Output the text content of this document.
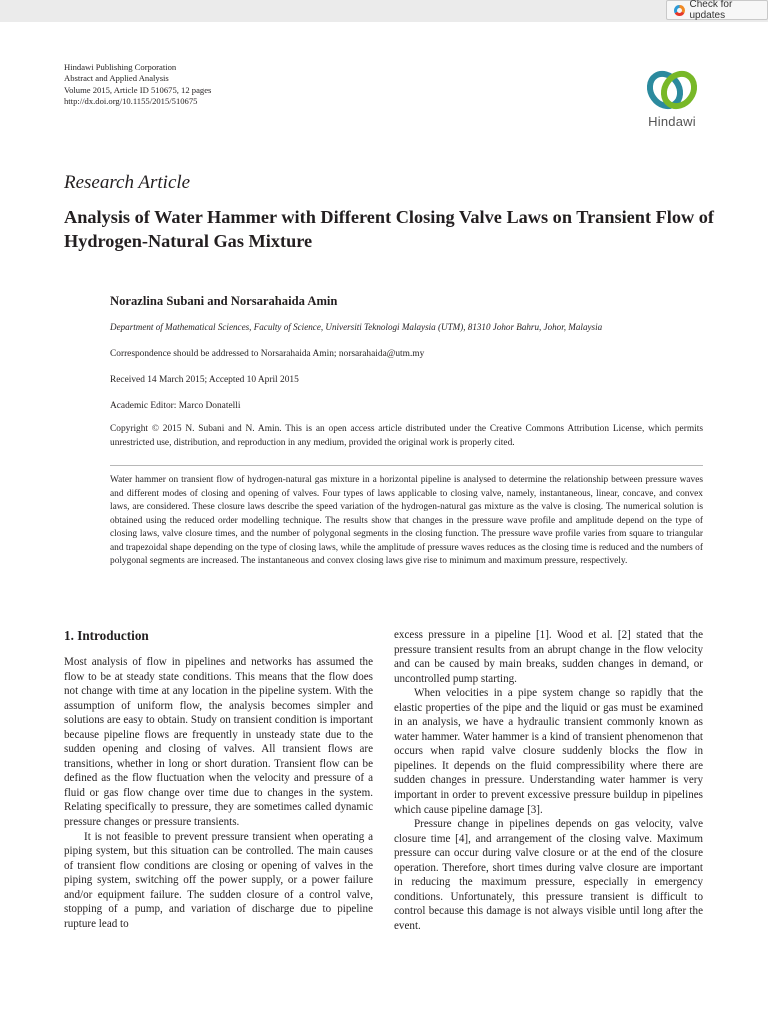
Check for updates
Hindawi Publishing Corporation
Abstract and Applied Analysis
Volume 2015, Article ID 510675, 12 pages
http://dx.doi.org/10.1155/2015/510675
Hindawi
Research Article
Analysis of Water Hammer with Different Closing Valve Laws on Transient Flow of Hydrogen-Natural Gas Mixture
Norazlina Subani and Norsarahaida Amin
Department of Mathematical Sciences, Faculty of Science, Universiti Teknologi Malaysia (UTM), 81310 Johor Bahru, Johor, Malaysia
Correspondence should be addressed to Norsarahaida Amin; norsarahaida@utm.my
Received 14 March 2015; Accepted 10 April 2015
Academic Editor: Marco Donatelli
Copyright © 2015 N. Subani and N. Amin. This is an open access article distributed under the Creative Commons Attribution License, which permits unrestricted use, distribution, and reproduction in any medium, provided the original work is properly cited.
Water hammer on transient flow of hydrogen-natural gas mixture in a horizontal pipeline is analysed to determine the relationship between pressure waves and different modes of closing and opening of valves. Four types of laws applicable to closing valve, namely, instantaneous, linear, concave, and convex laws, are considered. These closure laws describe the speed variation of the hydrogen-natural gas mixture as the valve is closing. The numerical solution is obtained using the reduced order modelling technique. The results show that changes in the pressure wave profile and amplitude depend on the type of closing laws, valve closure times, and the number of polygonal segments in the closing function. The pressure wave profile varies from square to triangular and trapezoidal shape depending on the type of closing laws, while the amplitude of pressure waves reduces as the closing time is reduced and the numbers of polygonal segments are increased. The instantaneous and convex closing laws give rise to minimum and maximum pressure, respectively.

1. Introduction

Most analysis of flow in pipelines and networks has assumed the flow to be at steady state conditions. This means that the flow does not change with time at any location in the pipeline system. With the assumption of uniform flow, the analysis becomes simpler and solutions are easy to obtain. Study on transient condition is important because pipeline flows are frequently in unsteady state due to the sudden opening and closing of valves. All transient flows are transitions, whether in long or short duration. Transient flow can be defined as the flow fluctuation when the velocity and pressure of a fluid or gas flow change over time due to changes in the system. Relating specifically to pressure, they are sometimes called dynamic pressure changes or pressure transients.

It is not feasible to prevent pressure transient when operating a piping system, but this situation can be controlled. The main causes of transient flow conditions are closing or opening of valves in the piping system, switching off the power supply, or a power failure and/or equipment failure. The sudden closure of a control valve, stopping of a pump, and variation of discharge due to pipeline rupture lead to

excess pressure in a pipeline [1]. Wood et al. [2] stated that the pressure transient results from an abrupt change in the flow velocity and can be caused by main breaks, sudden changes in demand, or uncontrolled pump starting.

When velocities in a pipe system change so rapidly that the elastic properties of the pipe and the liquid or gas must be examined in an analysis, we have a hydraulic transient commonly known as water hammer. Water hammer is a kind of transient phenomenon that occurs when rapid valve closure suddenly blocks the flow in pipelines. It depends on the fluid compressibility where there are sudden changes in pressure. Understanding water hammer is very important in order to prevent excessive pressure buildup in pipelines which cause pipeline damage [3].

Pressure change in pipelines depends on gas velocity, valve closure time [4], and arrangement of the closing valve. Maximum pressure can occur during valve closure or at the end of the closure operation. Therefore, short times during valve closure are important in reducing the maximum pressure, especially in emergency conditions. Unfortunately, this pressure transient is difficult to control because this damage is not always visible until long after the event.
